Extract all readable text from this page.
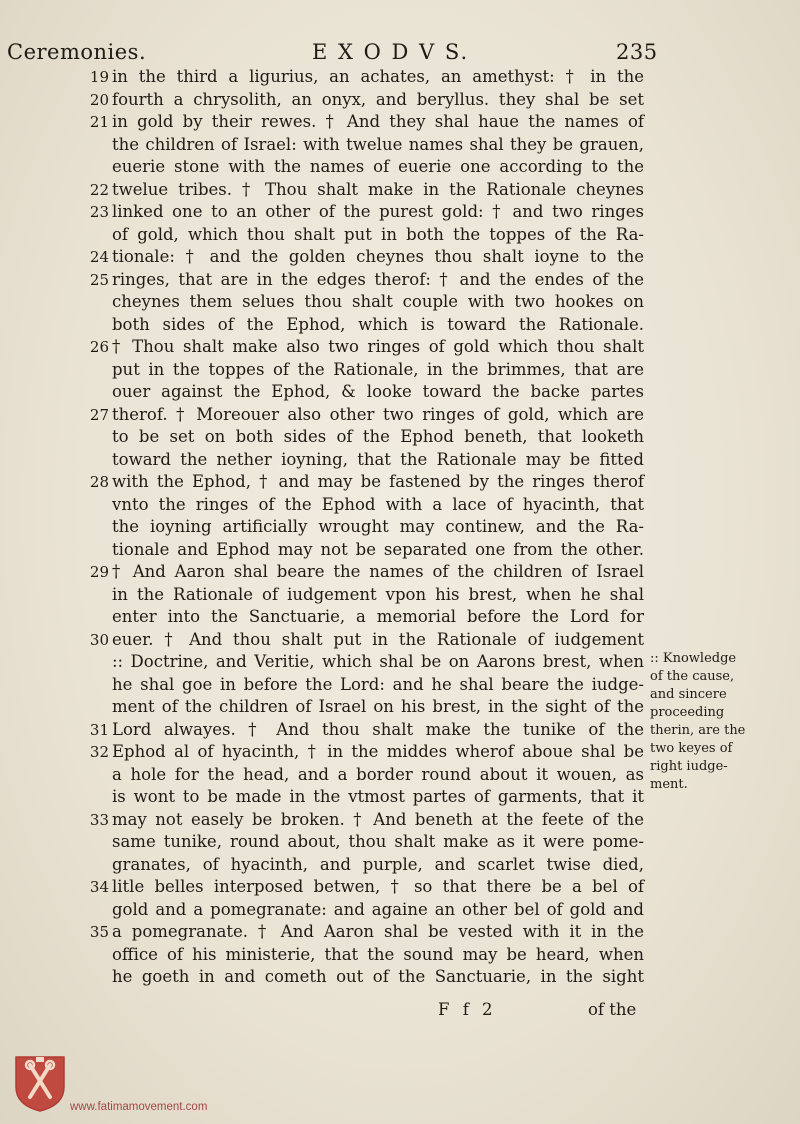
Ceremonies.	E X O D V S.	235
in the third a ligurius, an achates, an amethyst: † in the
fourth a chrysolith, an onyx, and beryllus. they shal be set
in gold by their rewes. † And they shal haue the names of
the children of Israel: with twelue names shal they be grauen,
euerie stone with the names of euerie one according to the
twelue tribes. † Thou shalt make in the Rationale cheynes
linked one to an other of the purest gold: † and two ringes
of gold, which thou shalt put in both the toppes of the Ra-
tionale: † and the golden cheynes thou shalt ioyne to the
ringes, that are in the edges therof: † and the endes of the
cheynes them selues thou shalt couple with two hookes on
both sides of the Ephod, which is toward the Rationale.
† Thou shalt make also two ringes of gold which thou shalt
put in the toppes of the Rationale, in the brimmes, that are
ouer against the Ephod, & looke toward the backe partes
therof. † Moreouer also other two ringes of gold, which are
to be set on both sides of the Ephod beneth, that looketh
toward the nether ioyning, that the Rationale may be fitted
with the Ephod, † and may be fastened by the ringes therof
vnto the ringes of the Ephod with a lace of hyacinth, that
the ioyning artificially wrought may continew, and the Ra-
tionale and Ephod may not be separated one from the other.
† And Aaron shal beare the names of the children of Israel
in the Rationale of iudgement vpon his brest, when he shal
enter into the Sanctuarie, a memorial before the Lord for
euer. † And thou shalt put in the Rationale of iudgement
:: Doctrine, and Veritie, which shal be on Aarons brest, when
he shal goe in before the Lord: and he shal beare the iudge-
ment of the children of Israel on his brest, in the sight of the
Lord alwayes. † And thou shalt make the tunike of the
Ephod al of hyacinth, † in the middes wherof aboue shal be
a hole for the head, and a border round about it wouen, as
is wont to be made in the vtmost partes of garments, that it
may not easely be broken. † And beneth at the feete of the
same tunike, round about, thou shalt make as it were pome-
granates, of hyacinth, and purple, and scarlet twise died,
litle belles interposed betwen, † so that there be a bel of
gold and a pomegranate: and againe an other bel of gold and
a pomegranate. † And Aaron shal be vested with it in the
office of his ministerie, that the sound may be heard, when
he goeth in and cometh out of the Sanctuarie, in the sight
19 20
21
22
23
24
25
26
27
28
29
30
31
32
33
34
35
:: Knowledge
of the cause,
and sincere
proceeding
therin, are the
two keyes of
right iudge-
ment.
F f 2	of the
www.fatimamovement.com
